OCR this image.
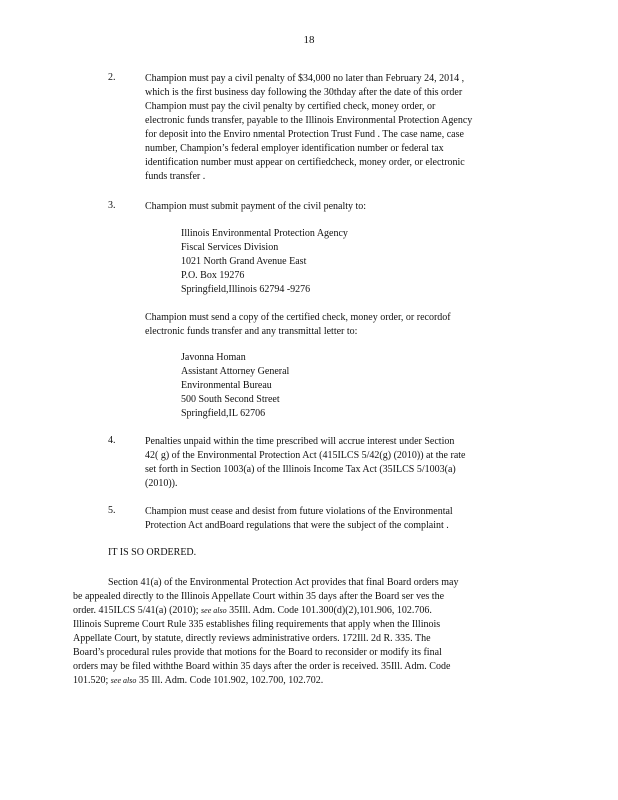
18
2.	Champion must pay a civil penalty of $34,000 no later than February 24, 2014 ,
which is the first business day following the 30thday after the date of this order
Champion must pay the civil penalty by certified check, money order, or
electronic funds transfer, payable to the Illinois Environmental Protection Agency
for deposit into the Enviro nmental Protection Trust Fund . The case name, case
number, Champion’s federal employer identification number or federal tax
identification number must appear on certifiedcheck, money order, or electronic
funds transfer .
3.	Champion must submit payment of the civil penalty to:
Illinois Environmental Protection Agency
Fiscal Services Division
1021 North Grand Avenue East
P.O. Box 19276
Springfield,Illinois 62794 -9276
Champion must send a copy of the certified check, money order, or recordof
electronic funds transfer and any transmittal letter to:
Javonna Homan
Assistant Attorney General
Environmental Bureau
500 South Second Street
Springfield,IL 62706
4.	Penalties unpaid within the time prescribed will accrue interest under Section
42( g) of the Environmental Protection Act (415ILCS 5/42(g) (2010)) at the rate
set forth in Section 1003(a) of the Illinois Income Tax Act (35ILCS 5/1003(a)
(2010)).
5.	Champion must cease and desist from future violations of the Environmental
Protection Act andBoard regulations that were the subject of the complaint .
IT IS SO ORDERED.
Section 41(a) of the Environmental Protection Act provides that final Board orders may
be appealed directly to the Illinois Appellate Court within 35 days after the Board ser ves the
order. 415ILCS 5/41(a) (2010); see also 35Ill. Adm. Code 101.300(d)(2),101.906, 102.706.
Illinois Supreme Court Rule 335 establishes filing requirements that apply when the Illinois
Appellate Court, by statute, directly reviews administrative orders. 172Ill. 2d R. 335. The
Board’s procedural rules provide that motions for the Board to reconsider or modify its final
orders may be filed withthe Board within 35 days after the order is received. 35Ill. Adm. Code
101.520; see also 35 Ill. Adm. Code 101.902, 102.700, 102.702.
